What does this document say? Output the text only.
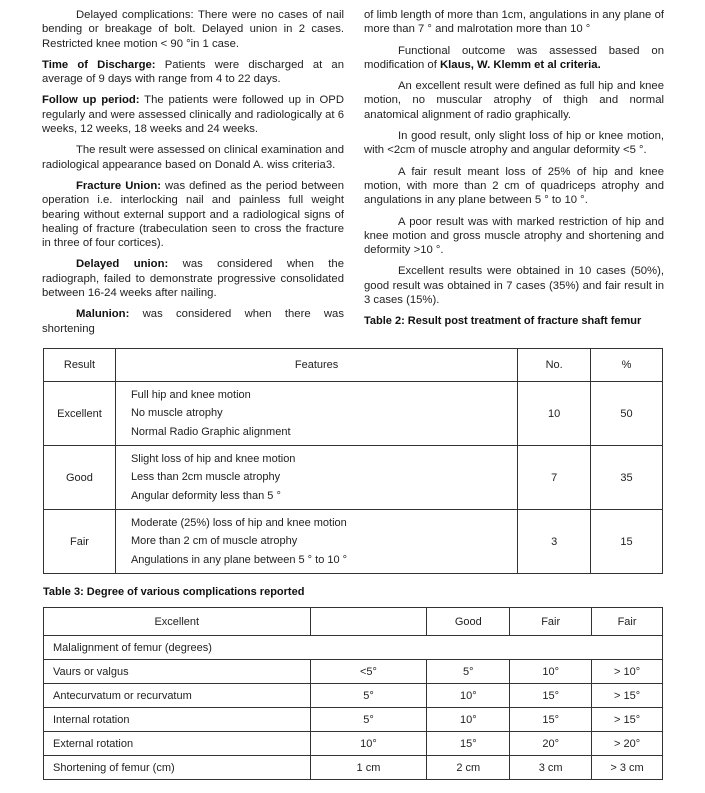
Delayed complications: There were no cases of nail bending or breakage of bolt. Delayed union in 2 cases. Restricted knee motion < 90 °in 1 case.

Time of Discharge: Patients were discharged at an average of 9 days with range from 4 to 22 days.

Follow up period: The patients were followed up in OPD regularly and were assessed clinically and radiologically at 6 weeks, 12 weeks, 18 weeks and 24 weeks.

The result were assessed on clinical examination and radiological appearance based on Donald A. wiss criteria3.

Fracture Union: was defined as the period between operation i.e. interlocking nail and painless full weight bearing without external support and a radiological signs of healing of fracture (trabeculation seen to cross the fracture in three of four cortices).

Delayed union: was considered when the radiograph, failed to demonstrate progressive consolidated between 16-24 weeks after nailing.

Malunion: was considered when there was shortening

of limb length of more than 1cm, angulations in any plane of more than 7 ° and malrotation more than 10 °

Functional outcome was assessed based on modification of Klaus, W. Klemm et al criteria.

An excellent result were defined as full hip and knee motion, no muscular atrophy of thigh and normal anatomical alignment of radio graphically.

In good result, only slight loss of hip or knee motion, with <2cm of muscle atrophy and angular deformity <5 °.

A fair result meant loss of 25% of hip and knee motion, with more than 2 cm of quadriceps atrophy and angulations in any plane between 5 ° to 10 °.

A poor result was with marked restriction of hip and knee motion and gross muscle atrophy and shortening and deformity >10 °.

Excellent results were obtained in 10 cases (50%), good result was obtained in 7 cases (35%) and fair result in 3 cases (15%).

Table 2: Result post treatment of fracture shaft femur
Result	Features	No.	%
Excellent	Full hip and knee motion
No muscle atrophy
Normal Radio Graphic alignment	10	50
Good	Slight loss of hip and knee motion
Less than 2cm muscle atrophy
Angular deformity less than 5 °	7	35
Fair	Moderate (25%) loss of hip and knee motion
More than 2 cm of muscle atrophy
Angulations in any plane between 5 ° to 10 °	3	15
Table 3: Degree of various complications reported
Excellent		Good	Fair	Fair
Malalignment of femur (degrees)				
Vaurs or valgus	<5°	5°	10°	> 10°
Antecurvatum or recurvatum	5°	10°	15°	> 15°
Internal rotation	5°	10°	15°	> 15°
External rotation	10°	15°	20°	> 20°
Shortening of femur (cm)	1 cm	2 cm	3 cm	> 3 cm
